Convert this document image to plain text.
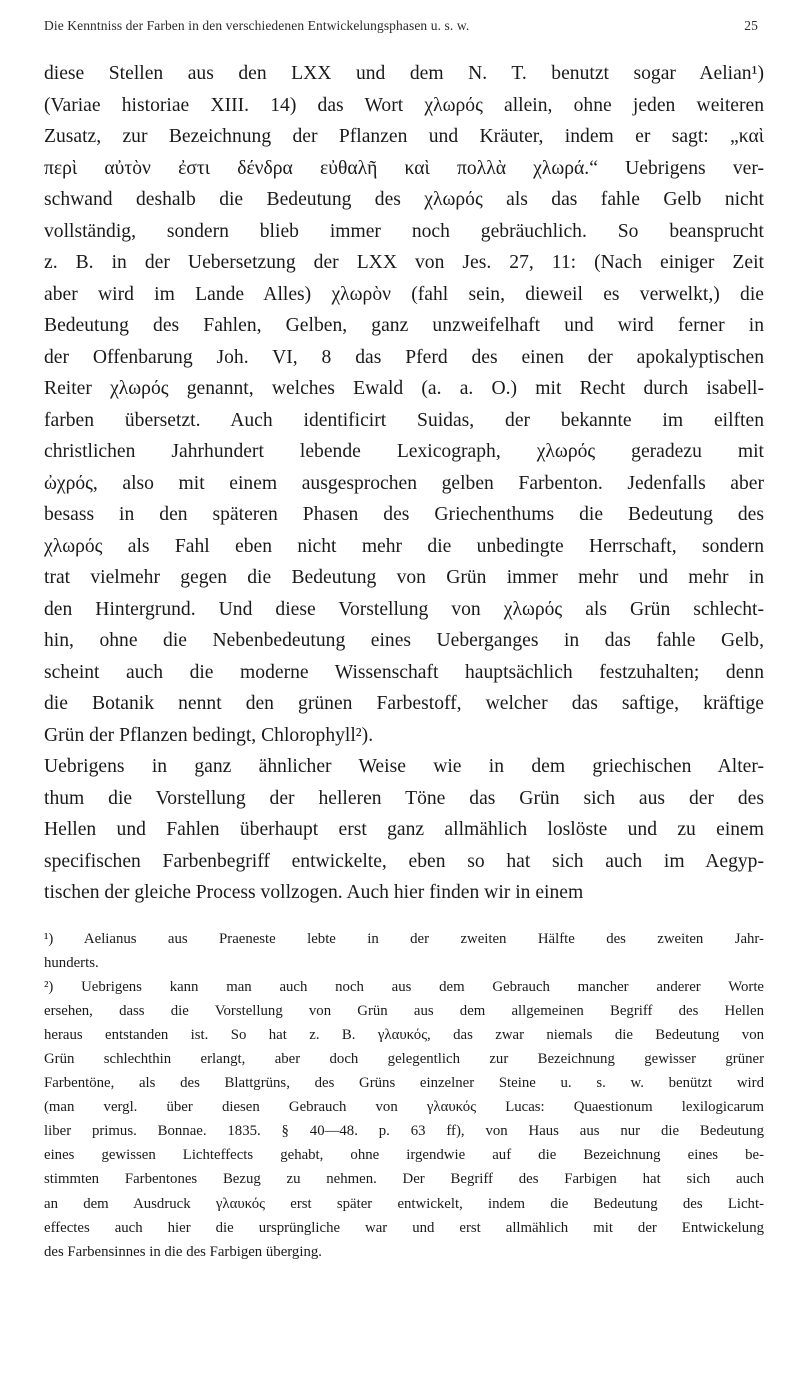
Die Kenntniss der Farben in den verschiedenen Entwickelungsphasen u. s. w.	25
diese Stellen aus den LXX und dem N. T. benutzt sogar Aelian¹)
(Variae historiae XIII. 14) das Wort χλωρός allein, ohne jeden weiteren
Zusatz, zur Bezeichnung der Pflanzen und Kräuter, indem er sagt: „καὶ
περὶ αὐτὸν ἐστι δένδρα εὐθαλῆ καὶ πολλὰ χλωρά.“ Uebrigens ver-
schwand deshalb die Bedeutung des χλωρός als das fahle Gelb nicht
vollständig, sondern blieb immer noch gebräuchlich. So beansprucht
z. B. in der Uebersetzung der LXX von Jes. 27, 11: (Nach einiger Zeit
aber wird im Lande Alles) χλωρὸν (fahl sein, dieweil es verwelkt,) die
Bedeutung des Fahlen, Gelben, ganz unzweifelhaft und wird ferner in
der Offenbarung Joh. VI, 8 das Pferd des einen der apokalyptischen
Reiter χλωρός genannt, welches Ewald (a. a. O.) mit Recht durch isabell-
farben übersetzt. Auch identificirt Suidas, der bekannte im eilften
christlichen Jahrhundert lebende Lexicograph, χλωρός geradezu mit
ὠχρός, also mit einem ausgesprochen gelben Farbenton. Jedenfalls aber
besass in den späteren Phasen des Griechenthums die Bedeutung des
χλωρός als Fahl eben nicht mehr die unbedingte Herrschaft, sondern
trat vielmehr gegen die Bedeutung von Grün immer mehr und mehr in
den Hintergrund. Und diese Vorstellung von χλωρός als Grün schlecht-
hin, ohne die Nebenbedeutung eines Ueberganges in das fahle Gelb,
scheint auch die moderne Wissenschaft hauptsächlich festzuhalten; denn
die Botanik nennt den grünen Farbestoff, welcher das saftige, kräftige
Grün der Pflanzen bedingt, Chlorophyll²).
Uebrigens in ganz ähnlicher Weise wie in dem griechischen Alter-
thum die Vorstellung der helleren Töne das Grün sich aus der des
Hellen und Fahlen überhaupt erst ganz allmählich loslöste und zu einem
specifischen Farbenbegriff entwickelte, eben so hat sich auch im Aegyp-
tischen der gleiche Process vollzogen. Auch hier finden wir in einem
¹) Aelianus aus Praeneste lebte in der zweiten Hälfte des zweiten Jahr-
hunderts.
²) Uebrigens kann man auch noch aus dem Gebrauch mancher anderer Worte
ersehen, dass die Vorstellung von Grün aus dem allgemeinen Begriff des Hellen
heraus entstanden ist. So hat z. B. γλαυκός, das zwar niemals die Bedeutung von
Grün schlechthin erlangt, aber doch gelegentlich zur Bezeichnung gewisser grüner
Farbentöne, als des Blattgrüns, des Grüns einzelner Steine u. s. w. benützt wird
(man vergl. über diesen Gebrauch von γλαυκός Lucas: Quaestionum lexilogicarum
liber primus. Bonnae. 1835. § 40—48. p. 63 ff), von Haus aus nur die Bedeutung
eines gewissen Lichteffects gehabt, ohne irgendwie auf die Bezeichnung eines be-
stimmten Farbentones Bezug zu nehmen. Der Begriff des Farbigen hat sich auch
an dem Ausdruck γλαυκός erst später entwickelt, indem die Bedeutung des Licht-
effectes auch hier die ursprüngliche war und erst allmählich mit der Entwickelung
des Farbensinnes in die des Farbigen überging.
